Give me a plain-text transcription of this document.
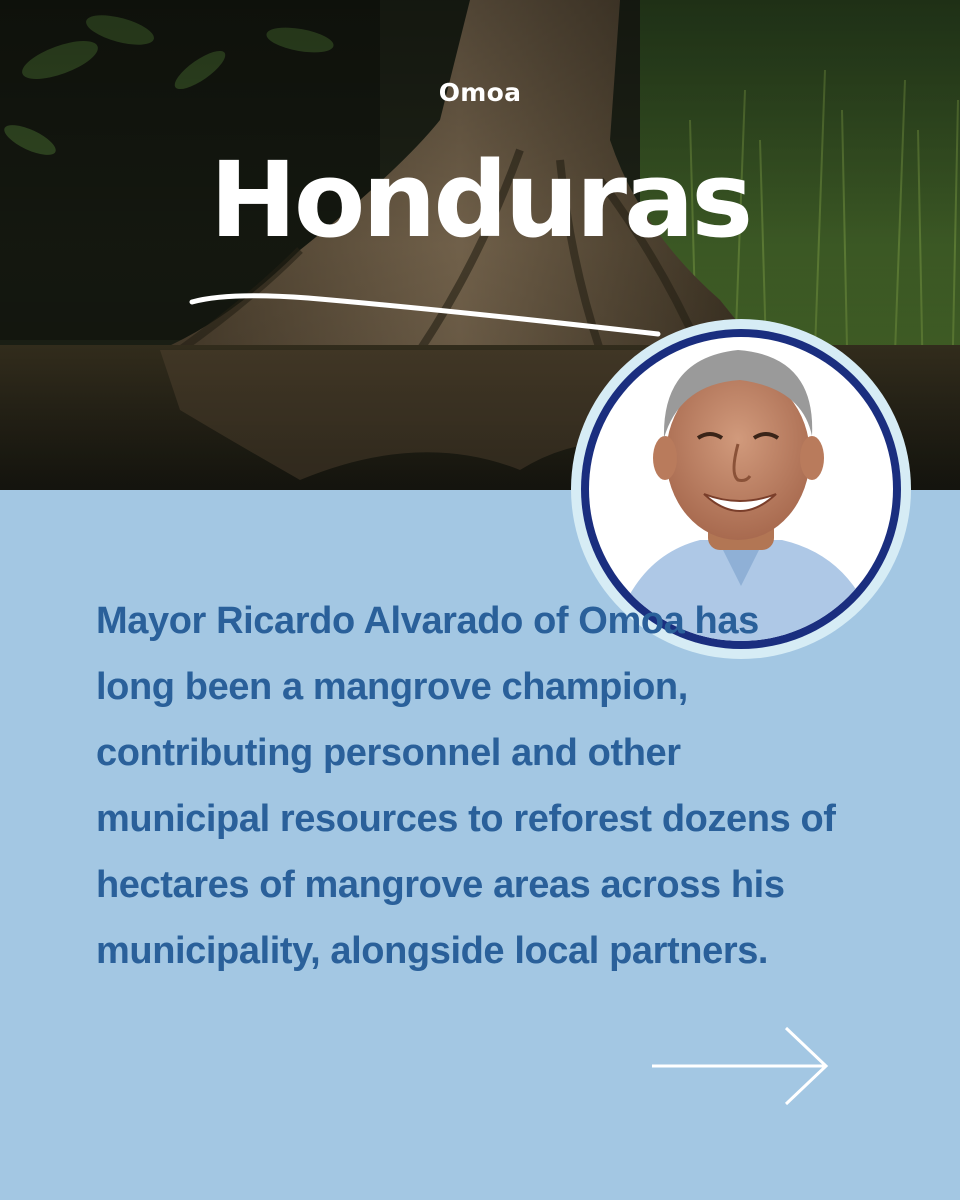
Omoa
Honduras

Mayor Ricardo Alvarado of Omoa has long been a mangrove champion, contributing personnel and other municipal resources to reforest dozens of hectares of mangrove areas across his municipality, alongside local partners.
